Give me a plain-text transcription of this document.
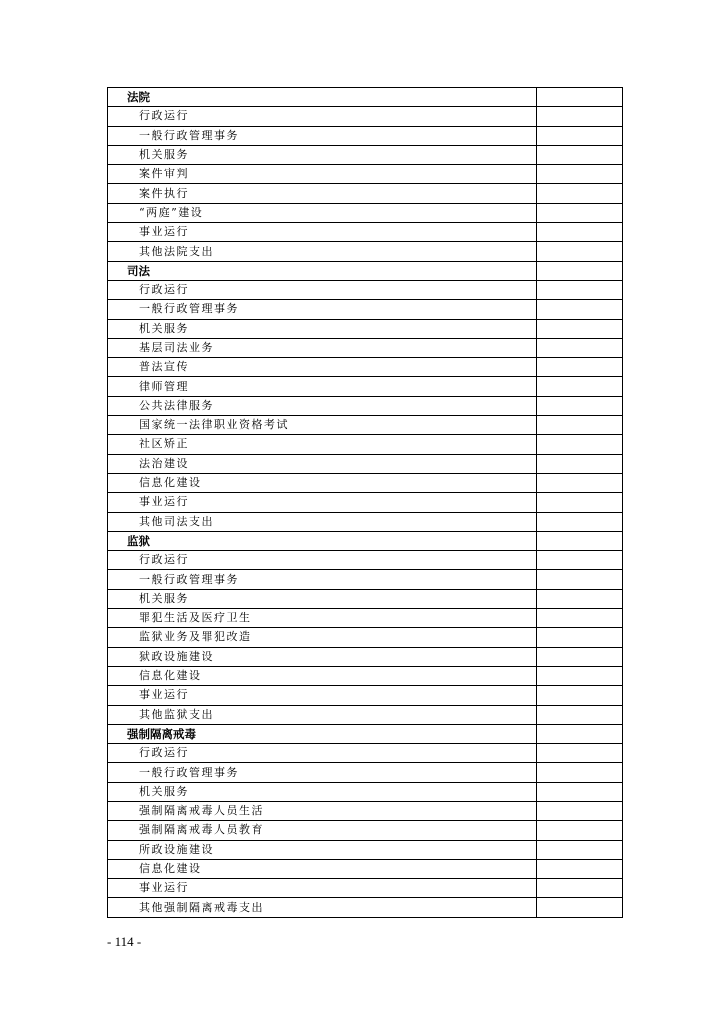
法院	
行政运行	
一般行政管理事务	
机关服务	
案件审判	
案件执行	
“两庭”建设	
事业运行	
其他法院支出	
司法	
行政运行	
一般行政管理事务	
机关服务	
基层司法业务	
普法宣传	
律师管理	
公共法律服务	
国家统一法律职业资格考试	
社区矫正	
法治建设	
信息化建设	
事业运行	
其他司法支出	
监狱	
行政运行	
一般行政管理事务	
机关服务	
罪犯生活及医疗卫生	
监狱业务及罪犯改造	
狱政设施建设	
信息化建设	
事业运行	
其他监狱支出	
强制隔离戒毒	
行政运行	
一般行政管理事务	
机关服务	
强制隔离戒毒人员生活	
强制隔离戒毒人员教育	
所政设施建设	
信息化建设	
事业运行	
其他强制隔离戒毒支出	
- 114 -
